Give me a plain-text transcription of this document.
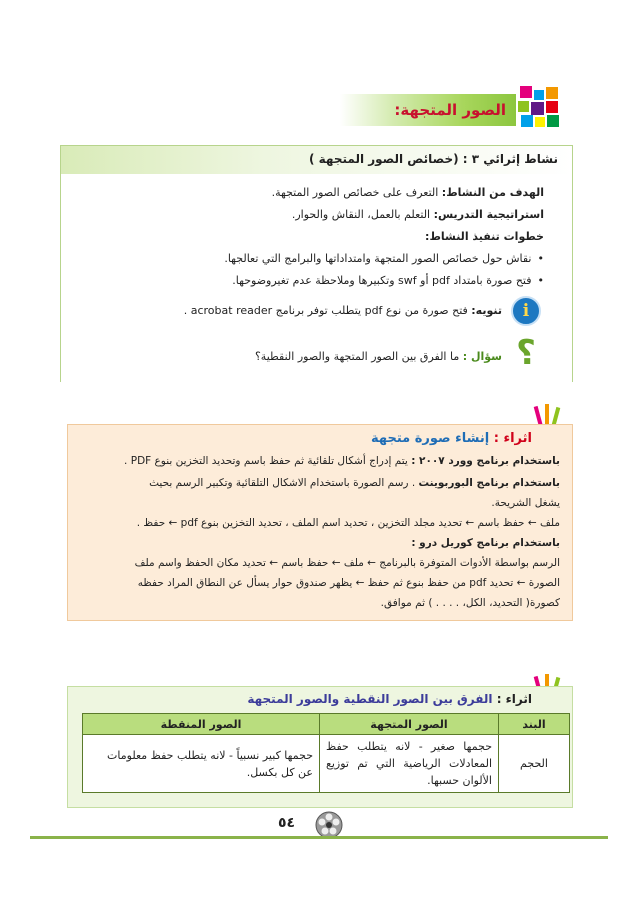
الصور المتجهة:
نشاط إثرائي ٣ : (خصائص الصور المتجهة )
الهدف من النشاط: التعرف على خصائص الصور المتجهة.
استراتيجية التدريس: التعلم بالعمل، النقاش والحوار.
خطوات تنفيذ النشاط:
• نقاش حول خصائص الصور المتجهة وامتداداتها والبرامج التي تعالجها.
• فتح صورة بامتداد pdf أو swf وتكبيرها وملاحظة عدم تغيروضوحها.
تنويه: فتح صورة من نوع pdf يتطلب توفر برنامج acrobat reader .
سؤال : ما الفرق بين الصور المتجهة والصور النقطية؟
i
؟
اثراء : إنشاء صورة متجهة
باستخدام برنامج وورد ٢٠٠٧ : يتم إدراج أشكال تلقائية ثم حفظ باسم وتحديد التخزين بنوع PDF .
باستخدام برنامج البوربوينت . رسم الصورة باستخدام الاشكال التلقائية وتكبير الرسم بحيث
يشغل الشريحة.
ملف ← حفظ باسم ← تحديد مجلد التخزين ، تحديد اسم الملف ، تحديد التخزين بنوع pdf ← حفظ .
باستخدام برنامج كوريل درو :
الرسم بواسطة الأدوات المتوفرة بالبرنامج ← ملف ← حفظ باسم ← تحديد مكان الحفظ واسم ملف
الصورة ← تحديد pdf من حفظ بنوع ثم حفظ ← يظهر صندوق حوار يسأل عن النطاق المراد حفظه
كصورة( التحديد، الكل، . . . . ) ثم موافق.
اثراء : الفرق بين الصور النقطية والصور المتجهة
البند	الصور المتجهة	الصور المنقطة
الحجم	حجمها صغير - لانه يتطلب حفظ المعادلات الرياضية التي تم توزيع الألوان حسبها.	حجمها كبير نسبياً - لانه يتطلب حفظ معلومات عن كل بكسل.
٥٤
